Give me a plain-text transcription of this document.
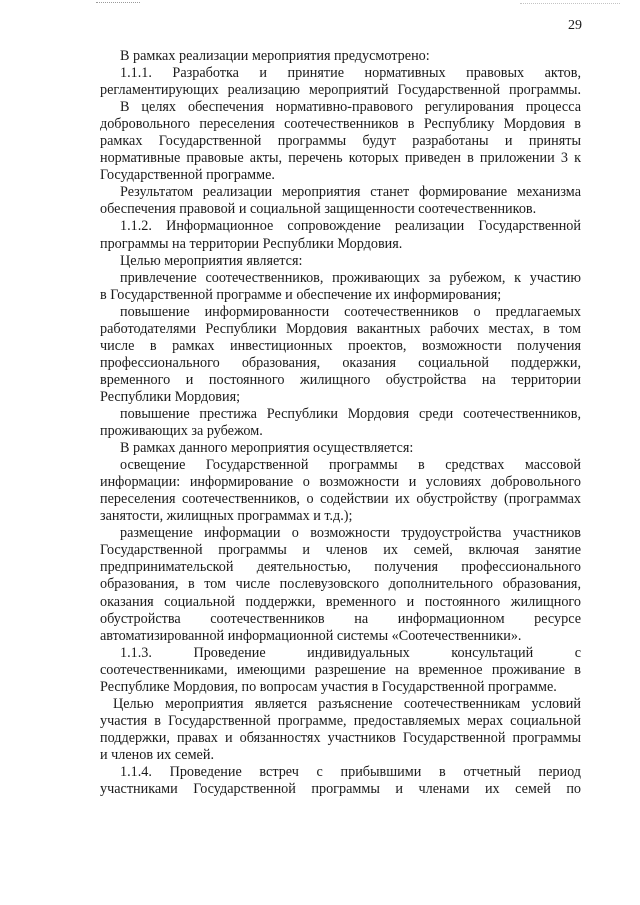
29
В рамках реализации мероприятия предусмотрено:
1.1.1. Разработка и принятие нормативных правовых актов,
регламентирующих реализацию мероприятий Государственной программы.
В целях обеспечения нормативно-правового регулирования процесса
добровольного переселения соотечественников в Республику Мордовия в
рамках Государственной программы будут разработаны и приняты
нормативные правовые акты, перечень которых приведен в приложении 3 к
Государственной программе.
Результатом реализации мероприятия станет формирование механизма
обеспечения правовой и социальной защищенности соотечественников.
1.1.2. Информационное сопровождение реализации Государственной
программы на территории Республики Мордовия.
Целью мероприятия является:
привлечение соотечественников, проживающих за рубежом, к участию
в Государственной программе и обеспечение их информирования;
повышение информированности соотечественников о предлагаемых
работодателями Республики Мордовия вакантных рабочих местах, в том
числе в рамках инвестиционных проектов, возможности получения
профессионального образования, оказания социальной поддержки,
временного и постоянного жилищного обустройства на территории
Республики Мордовия;
повышение престижа Республики Мордовия среди соотечественников,
проживающих за рубежом.
В рамках данного мероприятия осуществляется:
освещение Государственной программы в средствах массовой
информации: информирование о возможности и условиях добровольного
переселения соотечественников, о содействии их обустройству (программах
занятости, жилищных программах и т.д.);
размещение информации о возможности трудоустройства участников
Государственной программы и членов их семей, включая занятие
предпринимательской деятельностью, получения профессионального
образования, в том числе послевузовского дополнительного образования,
оказания социальной поддержки, временного и постоянного жилищного
обустройства соотечественников на информационном ресурсе
автоматизированной информационной системы «Соотечественники».
1.1.3. Проведение индивидуальных консультаций с
соотечественниками, имеющими разрешение на временное проживание в
Республике Мордовия, по вопросам участия в Государственной программе.
Целью мероприятия является разъяснение соотечественникам условий
участия в Государственной программе, предоставляемых мерах социальной
поддержки, правах и обязанностях участников Государственной программы
и членов их семей.
1.1.4. Проведение встреч с прибывшими в отчетный период
участниками Государственной программы и членами их семей по
